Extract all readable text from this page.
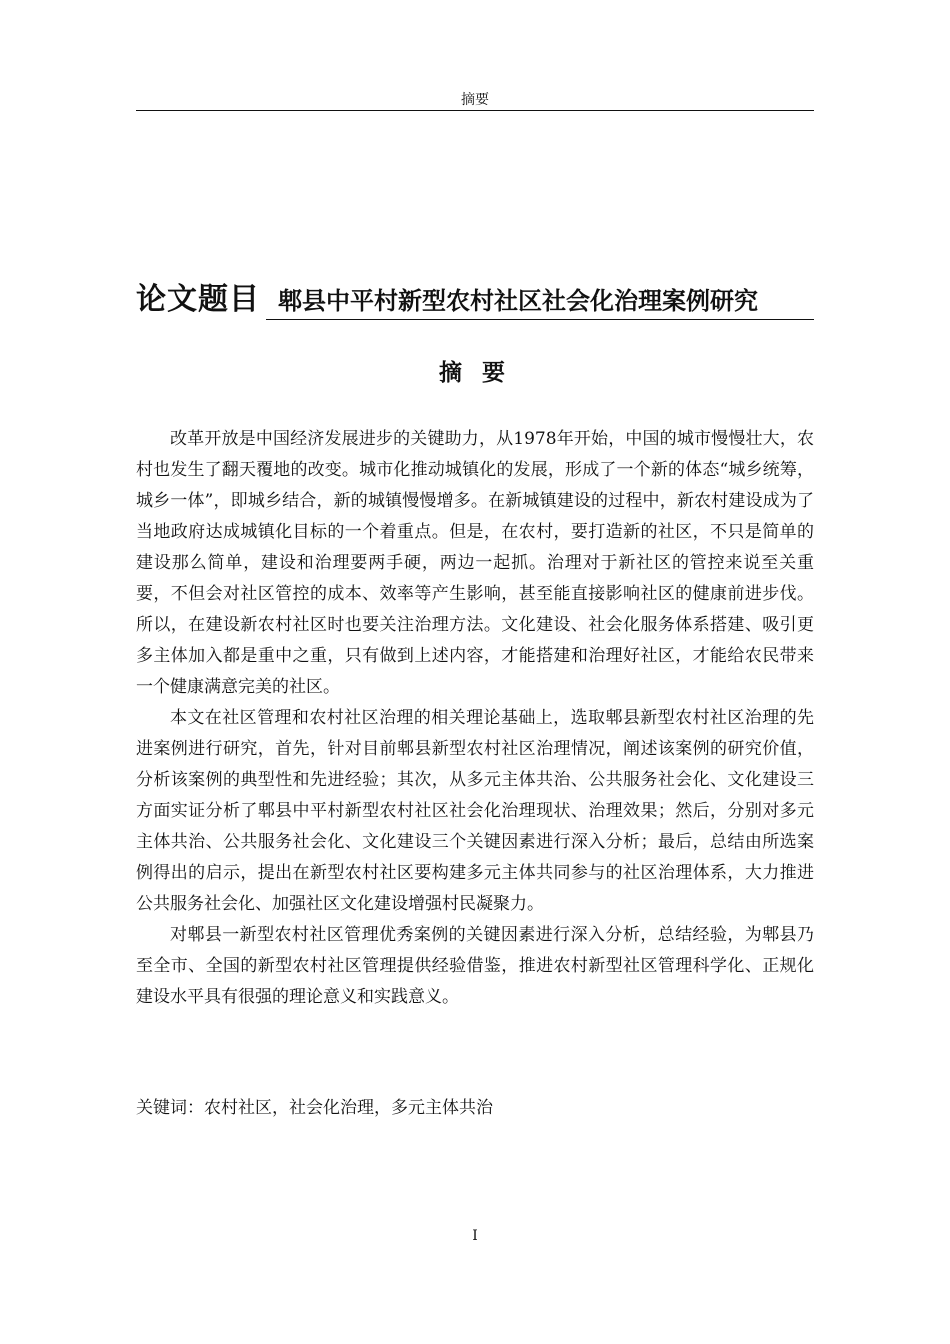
摘要
论文题目 郫县中平村新型农村社区社会化治理案例研究
摘 要

改革开放是中国经济发展进步的关键助力，从1978年开始，中国的城市慢慢壮大，农村也发生了翻天覆地的改变。城市化推动城镇化的发展，形成了一个新的体态“城乡统筹，城乡一体”，即城乡结合，新的城镇慢慢增多。在新城镇建设的过程中，新农村建设成为了当地政府达成城镇化目标的一个着重点。但是，在农村，要打造新的社区，不只是简单的建设那么简单，建设和治理要两手硬，两边一起抓。治理对于新社区的管控来说至关重要，不但会对社区管控的成本、效率等产生影响，甚至能直接影响社区的健康前进步伐。所以，在建设新农村社区时也要关注治理方法。文化建设、社会化服务体系搭建、吸引更多主体加入都是重中之重，只有做到上述内容，才能搭建和治理好社区，才能给农民带来一个健康满意完美的社区。

本文在社区管理和农村社区治理的相关理论基础上，选取郫县新型农村社区治理的先进案例进行研究，首先，针对目前郫县新型农村社区治理情况，阐述该案例的研究价值，分析该案例的典型性和先进经验；其次，从多元主体共治、公共服务社会化、文化建设三方面实证分析了郫县中平村新型农村社区社会化治理现状、治理效果；然后，分别对多元主体共治、公共服务社会化、文化建设三个关键因素进行深入分析；最后，总结由所选案例得出的启示，提出在新型农村社区要构建多元主体共同参与的社区治理体系，大力推进公共服务社会化、加强社区文化建设增强村民凝聚力。

对郫县一新型农村社区管理优秀案例的关键因素进行深入分析，总结经验，为郫县乃至全市、全国的新型农村社区管理提供经验借鉴，推进农村新型社区管理科学化、正规化建设水平具有很强的理论意义和实践意义。

关键词：农村社区，社会化治理，多元主体共治
I
